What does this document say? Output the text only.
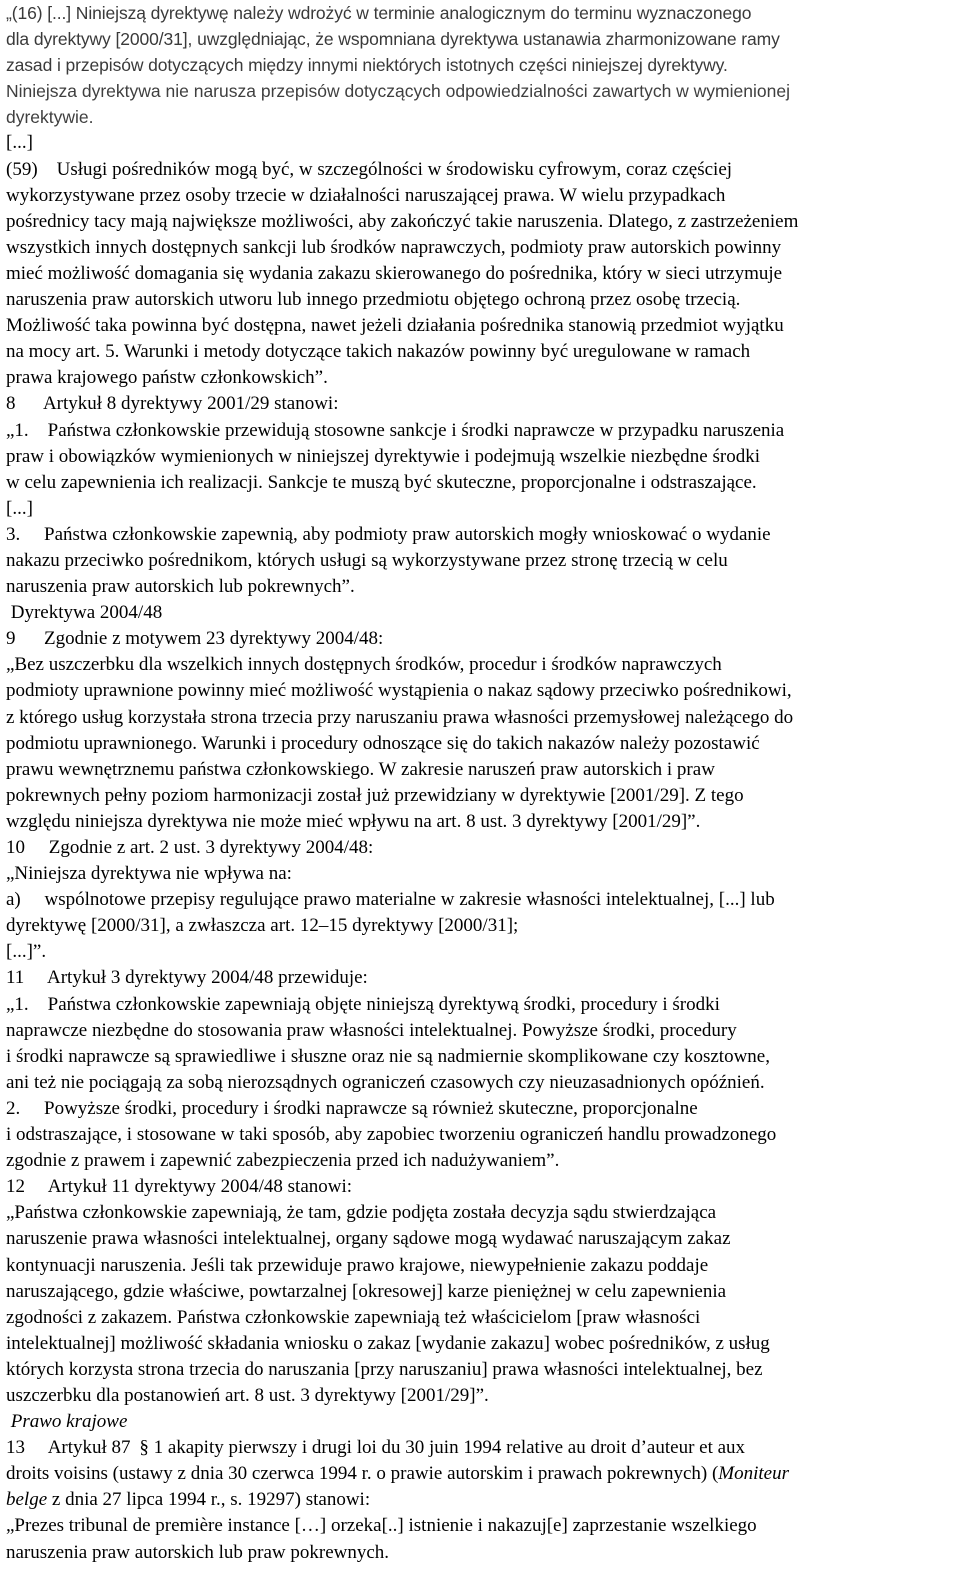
„(16) [...] Niniejszą dyrektywę należy wdrożyć w terminie analogicznym do terminu wyznaczonego

dla dyrektywy [2000/31], uwzględniając, że wspomniana dyrektywa ustanawia zharmonizowane ramy

zasad i przepisów dotyczących między innymi niektórych istotnych części niniejszej dyrektywy.

Niniejsza dyrektywa nie narusza przepisów dotyczących odpowiedzialności zawartych w wymienionej

dyrektywie.

[...]

(59)    Usługi pośredników mogą być, w szczególności w środowisku cyfrowym, coraz częściej

wykorzystywane przez osoby trzecie w działalności naruszającej prawa. W wielu przypadkach

pośrednicy tacy mają największe możliwości, aby zakończyć takie naruszenia. Dlatego, z zastrzeżeniem

wszystkich innych dostępnych sankcji lub środków naprawczych, podmioty praw autorskich powinny

mieć możliwość domagania się wydania zakazu skierowanego do pośrednika, który w sieci utrzymuje

naruszenia praw autorskich utworu lub innego przedmiotu objętego ochroną przez osobę trzecią.

Możliwość taka powinna być dostępna, nawet jeżeli działania pośrednika stanowią przedmiot wyjątku

na mocy art. 5. Warunki i metody dotyczące takich nakazów powinny być uregulowane w ramach

prawa krajowego państw członkowskich”.

8      Artykuł 8 dyrektywy 2001/29 stanowi:

„1.    Państwa członkowskie przewidują stosowne sankcje i środki naprawcze w przypadku naruszenia

praw i obowiązków wymienionych w niniejszej dyrektywie i podejmują wszelkie niezbędne środki

w celu zapewnienia ich realizacji. Sankcje te muszą być skuteczne, proporcjonalne i odstraszające.

[...]

3.     Państwa członkowskie zapewnią, aby podmioty praw autorskich mogły wnioskować o wydanie

nakazu przeciwko pośrednikom, których usługi są wykorzystywane przez stronę trzecią w celu

naruszenia praw autorskich lub pokrewnych”.

Dyrektywa 2004/48

9      Zgodnie z motywem 23 dyrektywy 2004/48:

„Bez uszczerbku dla wszelkich innych dostępnych środków, procedur i środków naprawczych

podmioty uprawnione powinny mieć możliwość wystąpienia o nakaz sądowy przeciwko pośrednikowi,

z którego usług korzystała strona trzecia przy naruszaniu prawa własności przemysłowej należącego do

podmiotu uprawnionego. Warunki i procedury odnoszące się do takich nakazów należy pozostawić

prawu wewnętrznemu państwa członkowskiego. W zakresie naruszeń praw autorskich i praw

pokrewnych pełny poziom harmonizacji został już przewidziany w dyrektywie [2001/29]. Z tego

względu niniejsza dyrektywa nie może mieć wpływu na art. 8 ust. 3 dyrektywy [2001/29]”.

10     Zgodnie z art. 2 ust. 3 dyrektywy 2004/48:

„Niniejsza dyrektywa nie wpływa na:

a)     wspólnotowe przepisy regulujące prawo materialne w zakresie własności intelektualnej, [...] lub

dyrektywę [2000/31], a zwłaszcza art. 12–15 dyrektywy [2000/31];

[...]”.

11     Artykuł 3 dyrektywy 2004/48 przewiduje:

„1.    Państwa członkowskie zapewniają objęte niniejszą dyrektywą środki, procedury i środki

naprawcze niezbędne do stosowania praw własności intelektualnej. Powyższe środki, procedury

i środki naprawcze są sprawiedliwe i słuszne oraz nie są nadmiernie skomplikowane czy kosztowne,

ani też nie pociągają za sobą nierozsądnych ograniczeń czasowych czy nieuzasadnionych opóźnień.

2.     Powyższe środki, procedury i środki naprawcze są również skuteczne, proporcjonalne

i odstraszające, i stosowane w taki sposób, aby zapobiec tworzeniu ograniczeń handlu prowadzonego

zgodnie z prawem i zapewnić zabezpieczenia przed ich nadużywaniem”.

12     Artykuł 11 dyrektywy 2004/48 stanowi:

„Państwa członkowskie zapewniają, że tam, gdzie podjęta została decyzja sądu stwierdzająca

naruszenie prawa własności intelektualnej, organy sądowe mogą wydawać naruszającym zakaz

kontynuacji naruszenia. Jeśli tak przewiduje prawo krajowe, niewypełnienie zakazu poddaje

naruszającego, gdzie właściwe, powtarzalnej [okresowej] karze pieniężnej w celu zapewnienia

zgodności z zakazem. Państwa członkowskie zapewniają też właścicielom [praw własności

intelektualnej] możliwość składania wniosku o zakaz [wydanie zakazu] wobec pośredników, z usług

których korzysta strona trzecia do naruszania [przy naruszaniu] prawa własności intelektualnej, bez

uszczerbku dla postanowień art. 8 ust. 3 dyrektywy [2001/29]”.

Prawo krajowe

13     Artykuł 87 § 1 akapity pierwszy i drugi loi du 30 juin 1994 relative au droit d’auteur et aux

droits voisins (ustawy z dnia 30 czerwca 1994 r. o prawie autorskim i prawach pokrewnych) (Moniteur

belge z dnia 27 lipca 1994 r., s. 19297) stanowi:

„Prezes tribunal de première instance […] orzeka[..] istnienie i nakazuj[e] zaprzestanie wszelkiego

naruszenia praw autorskich lub praw pokrewnych.
